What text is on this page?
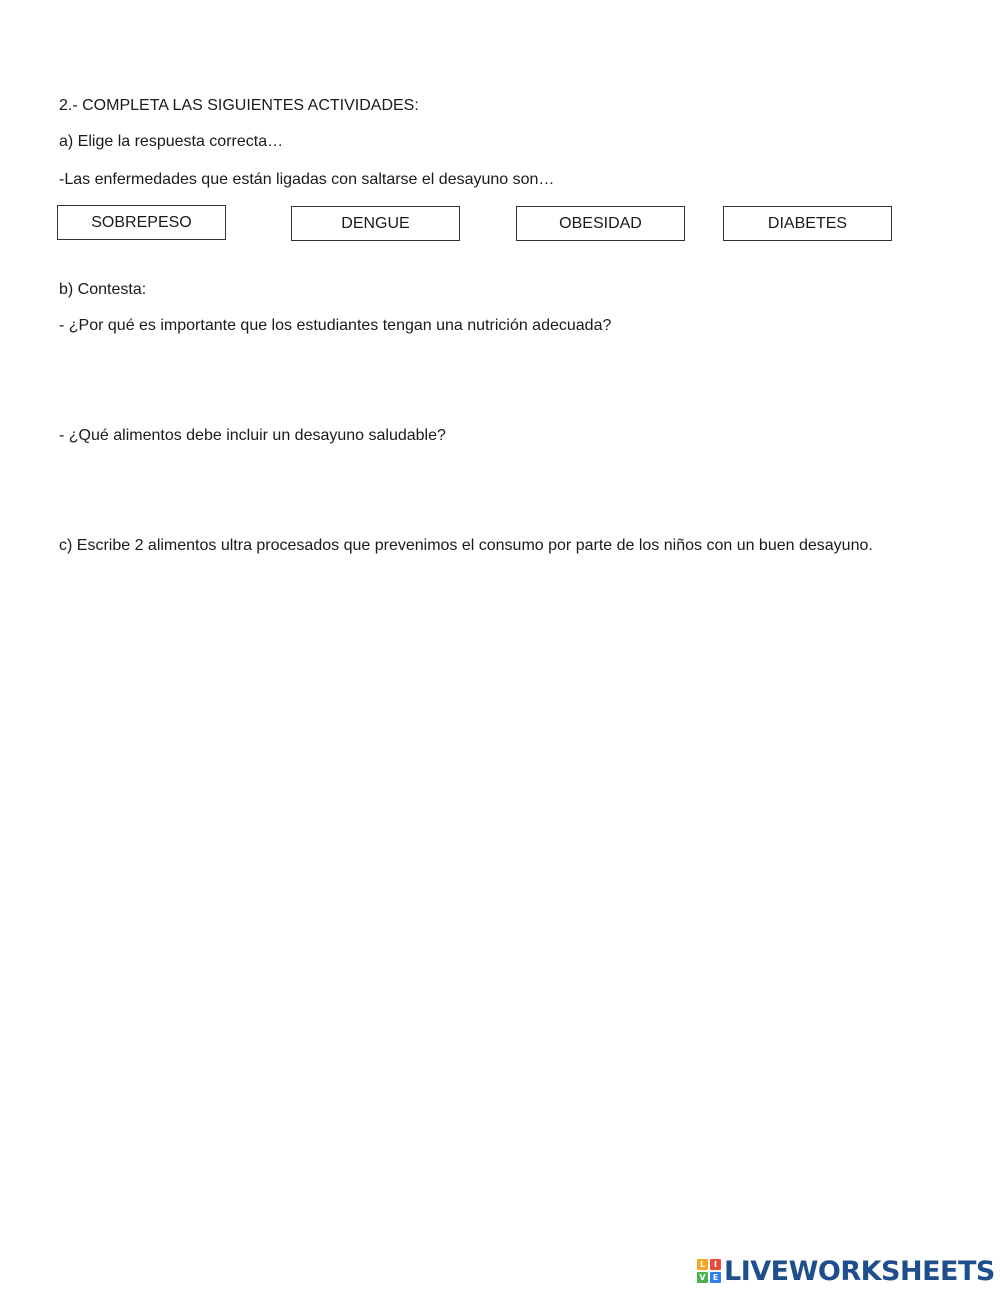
2.- COMPLETA LAS SIGUIENTES ACTIVIDADES:
a) Elige la respuesta correcta…
-Las enfermedades que están ligadas con saltarse el desayuno son…
SOBREPESO	DENGUE	OBESIDAD	DIABETES
b) Contesta:
- ¿Por qué es importante que los estudiantes tengan una nutrición adecuada?
- ¿Qué alimentos debe incluir un desayuno saludable?
c) Escribe 2 alimentos ultra procesados que prevenimos el consumo por parte de los niños con un buen desayuno.
L	I
V E LIVEWORKSHEETS
